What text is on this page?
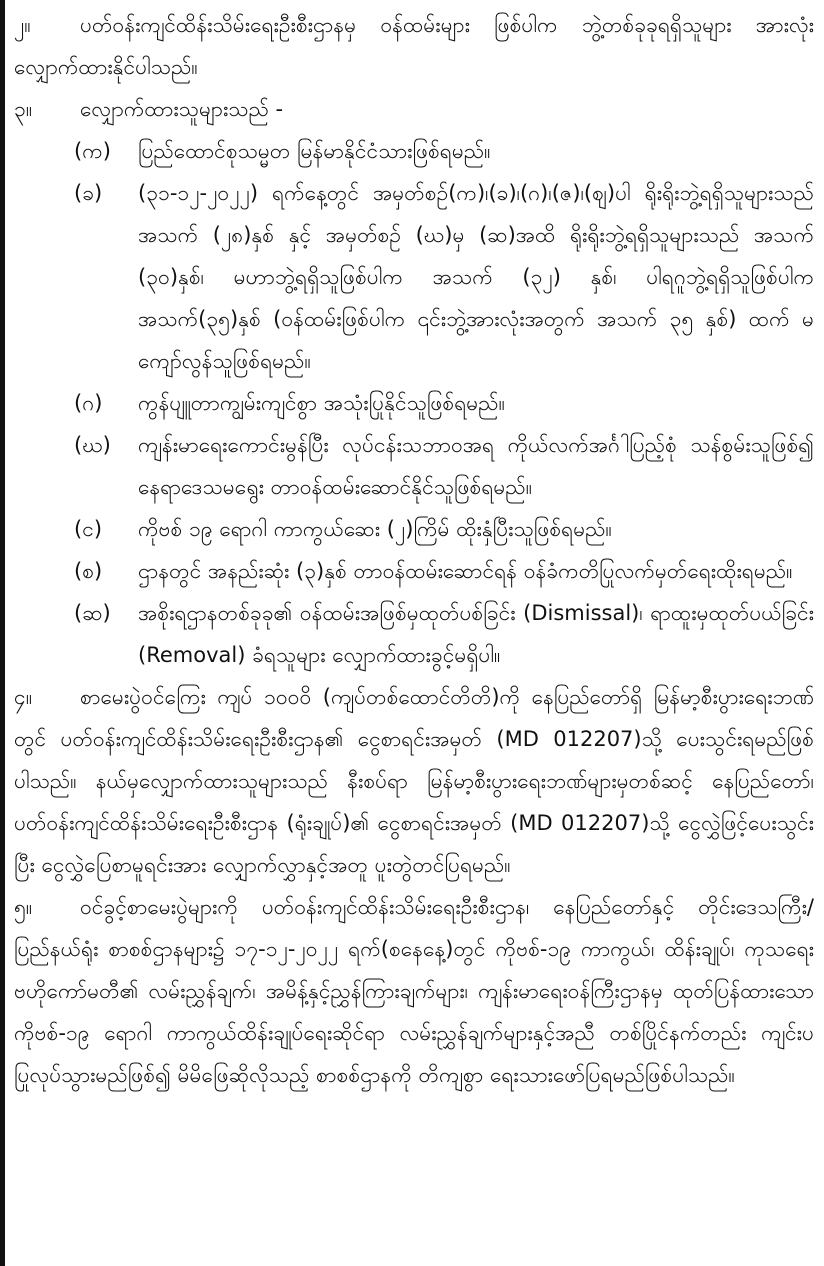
၂။ ပတ်ဝန်းကျင်ထိန်းသိမ်းရေးဦးစီးဌာနမှ ဝန်ထမ်းများ ဖြစ်ပါက ဘွဲ့တစ်ခုခုရရှိသူများ အားလုံး လျှောက်ထားနိုင်ပါသည်။

၃။ လျှောက်ထားသူများသည် -

(က)	ပြည်ထောင်စုသမ္မတ မြန်မာနိုင်ငံသားဖြစ်ရမည်။
(ခ)	(၃၁-၁၂-၂၀၂၂) ရက်နေ့တွင် အမှတ်စဉ်(က)၊(ခ)၊(ဂ)၊(ဇ)၊(ဈ)ပါ ရိုးရိုးဘွဲ့ရရှိသူများသည် အသက် (၂၈)နှစ် နှင့် အမှတ်စဉ် (ဃ)မှ (ဆ)အထိ ရိုးရိုးဘွဲ့ရရှိသူများသည် အသက် (၃၀)နှစ်၊ မဟာဘွဲ့ရရှိသူဖြစ်ပါက အသက် (၃၂) နှစ်၊ ပါရဂူဘွဲ့ရရှိသူဖြစ်ပါက အသက်(၃၅)နှစ် (ဝန်ထမ်းဖြစ်ပါက ၎င်းဘွဲ့အားလုံးအတွက် အသက် ၃၅ နှစ်) ထက် မကျော်လွန်သူဖြစ်ရမည်။
(ဂ)	ကွန်ပျူတာကျွမ်းကျင်စွာ အသုံးပြုနိုင်သူဖြစ်ရမည်။
(ဃ)	ကျန်းမာရေးကောင်းမွန်ပြီး လုပ်ငန်းသဘာဝအရ ကိုယ်လက်အင်္ဂါပြည့်စုံ သန်စွမ်းသူဖြစ်၍ နေရာဒေသမရွေး တာဝန်ထမ်းဆောင်နိုင်သူဖြစ်ရမည်။
(င)	ကိုဗစ် ၁၉ ရောဂါ ကာကွယ်ဆေး (၂)ကြိမ် ထိုးနှံပြီးသူဖြစ်ရမည်။
(စ)	ဌာနတွင် အနည်းဆုံး (၃)နှစ် တာဝန်ထမ်းဆောင်ရန် ဝန်ခံကတိပြုလက်မှတ်ရေးထိုးရမည်။
(ဆ)	အစိုးရဌာနတစ်ခုခု၏ ဝန်ထမ်းအဖြစ်မှထုတ်ပစ်ခြင်း (Dismissal)၊ ရာထူးမှထုတ်ပယ်ခြင်း (Removal) ခံရသူများ လျှောက်ထားခွင့်မရှိပါ။

၄။ စာမေးပွဲဝင်ကြေး ကျပ် ၁၀၀၀ိ (ကျပ်တစ်ထောင်တိတိ)ကို နေပြည်တော်ရှိ မြန်မာ့စီးပွားရေးဘဏ်တွင် ပတ်ဝန်းကျင်ထိန်းသိမ်းရေးဦးစီးဌာန၏ ငွေစာရင်းအမှတ် (MD 012207)သို့ ပေးသွင်းရမည်ဖြစ်ပါသည်။ နယ်မှလျှောက်ထားသူများသည် နီးစပ်ရာ မြန်မာ့စီးပွားရေးဘဏ်များမှတစ်ဆင့် နေပြည်တော်၊ ပတ်ဝန်းကျင်ထိန်းသိမ်းရေးဦးစီးဌာန (ရုံးချုပ်)၏ ငွေစာရင်းအမှတ် (MD 012207)သို့ ငွေလွှဲဖြင့်ပေးသွင်းပြီး ငွေလွှဲပြေစာမူရင်းအား လျှောက်လွှာနှင့်အတူ ပူးတွဲတင်ပြရမည်။

၅။ ဝင်ခွင့်စာမေးပွဲများကို ပတ်ဝန်းကျင်ထိန်းသိမ်းရေးဦးစီးဌာန၊ နေပြည်တော်နှင့် တိုင်းဒေသကြီး/ပြည်နယ်ရုံး စာစစ်ဌာနများ၌ ၁၇-၁၂-၂၀၂၂ ရက်(စနေနေ့)တွင် ကိုဗစ်-၁၉ ကာကွယ်၊ ထိန်းချုပ်၊ ကုသရေး ဗဟိုကော်မတီ၏ လမ်းညွှန်ချက်၊ အမိန့်နှင့်ညွှန်ကြားချက်များ၊ ကျန်းမာရေးဝန်ကြီးဌာနမှ ထုတ်ပြန်ထားသော ကိုဗစ်-၁၉ ရောဂါ ကာကွယ်ထိန်းချုပ်ရေးဆိုင်ရာ လမ်းညွှန်ချက်များနှင့်အညီ တစ်ပြိုင်နက်တည်း ကျင်းပပြုလုပ်သွားမည်ဖြစ်၍ မိမိဖြေဆိုလိုသည့် စာစစ်ဌာနကို တိကျစွာ ရေးသားဖော်ပြရမည်ဖြစ်ပါသည်။
